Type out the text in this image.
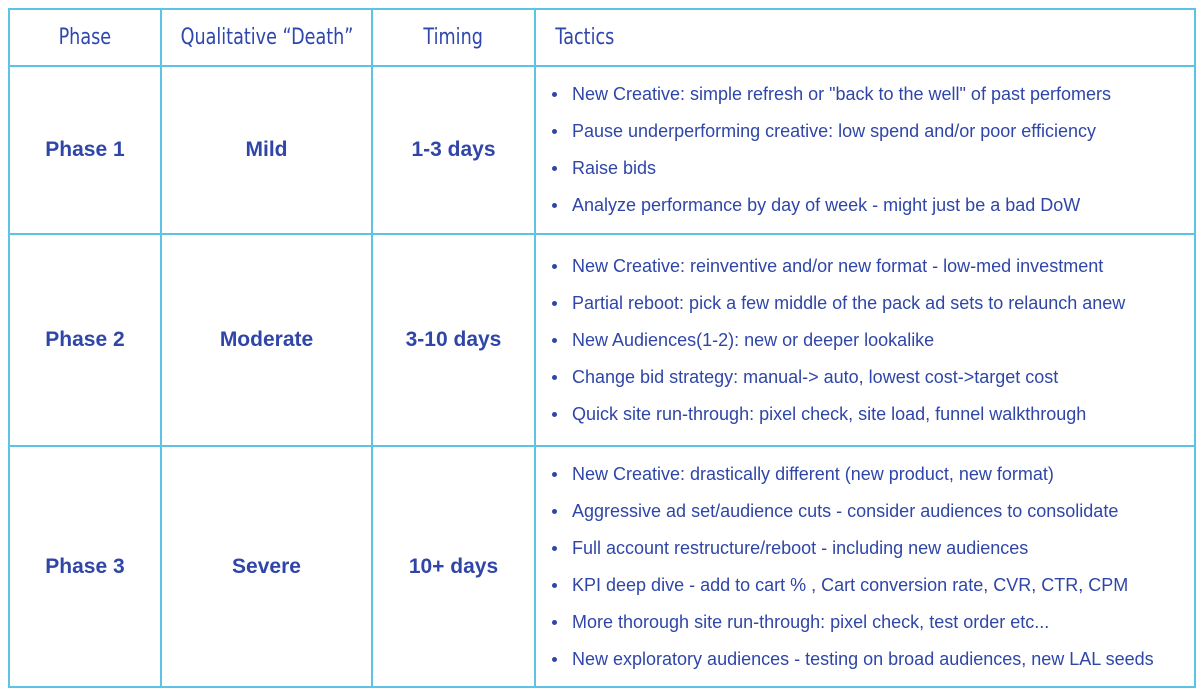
Phase	Qualitative “Death”	Timing	Tactics
Phase 1	Mild	1-3 days
New Creative: simple refresh or "back to the well" of past perfomers
Pause underperforming creative: low spend and/or poor efficiency
Raise bids
Analyze performance by day of week - might just be a bad DoW
Phase 2	Moderate	3-10 days
New Creative: reinventive and/or new format - low-med investment
Partial reboot: pick a few middle of the pack ad sets to relaunch anew
New Audiences(1-2): new or deeper lookalike
Change bid strategy: manual-> auto, lowest cost->target cost
Quick site run-through: pixel check, site load, funnel walkthrough
Phase 3	Severe	10+ days
New Creative: drastically different (new product, new format)
Aggressive ad set/audience cuts - consider audiences to consolidate
Full account restructure/reboot - including new audiences
KPI deep dive - add to cart % , Cart conversion rate, CVR, CTR, CPM
More thorough site run-through: pixel check, test order etc...
New exploratory audiences - testing on broad audiences, new LAL seeds
